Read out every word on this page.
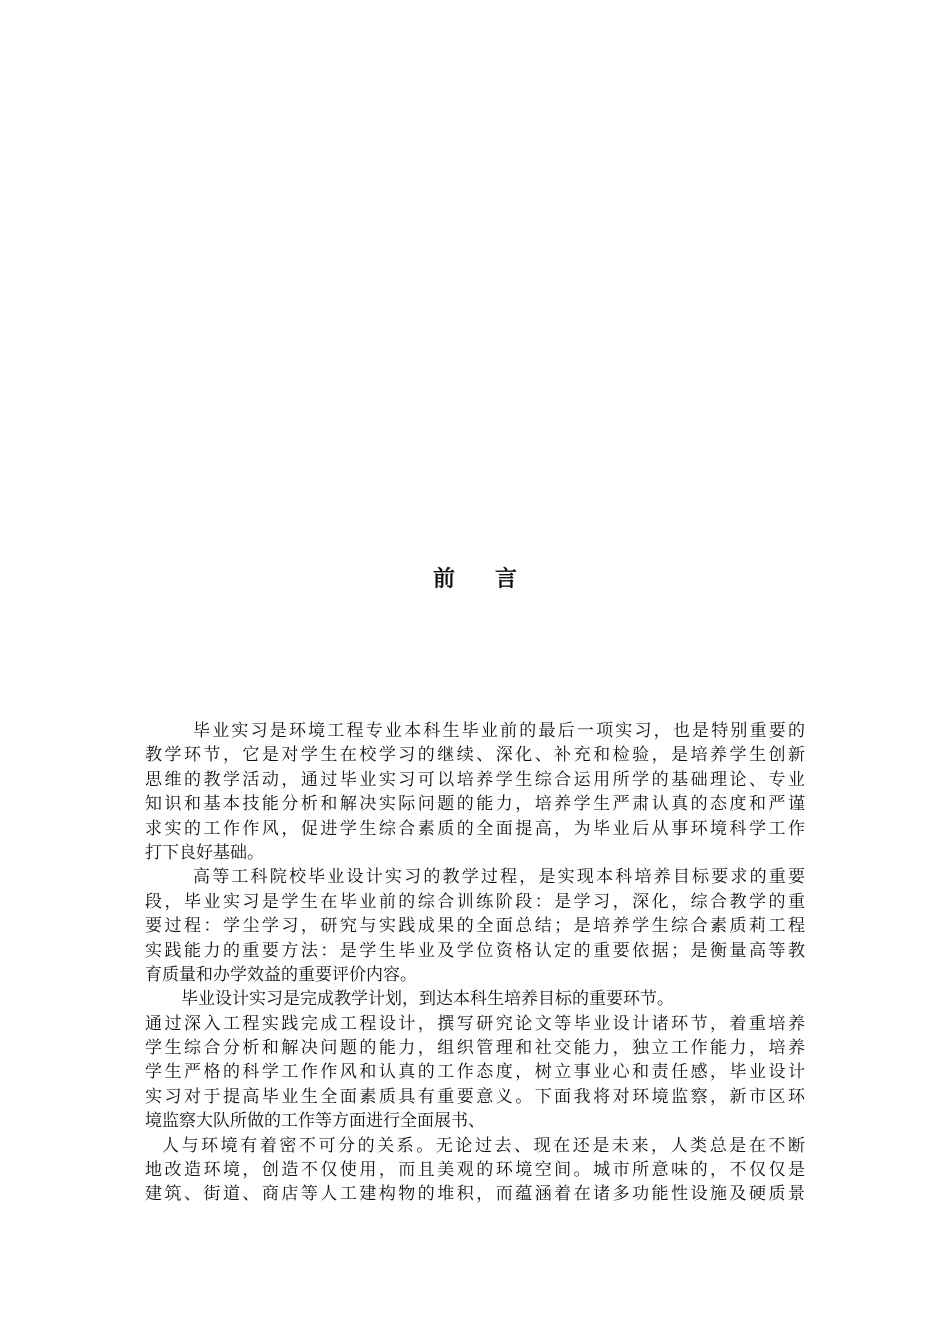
前 言
毕业实习是环境工程专业本科生毕业前的最后一项实习，也是特别重要的
教学环节，它是对学生在校学习的继续、深化、补充和检验，是培养学生创新
思维的教学活动，通过毕业实习可以培养学生综合运用所学的基础理论、专业
知识和基本技能分析和解决实际问题的能力，培养学生严肃认真的态度和严谨
求实的工作作风，促进学生综合素质的全面提高，为毕业后从事环境科学工作
打下良好基础。
高等工科院校毕业设计实习的教学过程，是实现本科培养目标要求的重要
段，毕业实习是学生在毕业前的综合训练阶段：是学习，深化，综合教学的重
要过程：学尘学习，研究与实践成果的全面总结；是培养学生综合素质莉工程
实践能力的重要方法：是学生毕业及学位资格认定的重要依据；是衡量高等教
育质量和办学效益的重要评价内容。
毕业设计实习是完成教学计划，到达本科生培养目标的重要环节。
通过深入工程实践完成工程设计，撰写研究论文等毕业设计诸环节，着重培养
学生综合分析和解决问题的能力，组织管理和社交能力，独立工作能力，培养
学生严格的科学工作作风和认真的工作态度，树立事业心和责任感，毕业设计
实习对于提高毕业生全面素质具有重要意义。下面我将对环境监察，新市区环
境监察大队所做的工作等方面进行全面展书、
人与环境有着密不可分的关系。无论过去、现在还是未来，人类总是在不断
地改造环境，创造不仅使用，而且美观的环境空间。城市所意味的，不仅仅是
建筑、街道、商店等人工建构物的堆积，而蕴涵着在诸多功能性设施及硬质景
